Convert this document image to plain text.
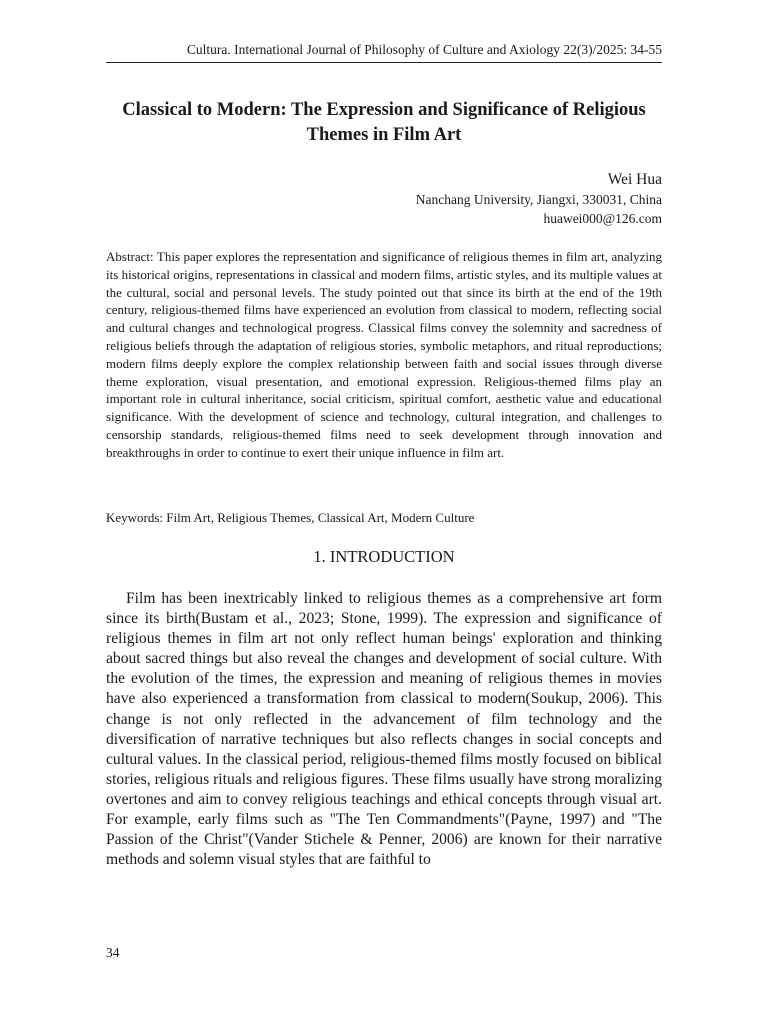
Cultura. International Journal of Philosophy of Culture and Axiology 22(3)/2025: 34-55
Classical to Modern: The Expression and Significance of Religious Themes in Film Art
Wei Hua
Nanchang University, Jiangxi, 330031, China
huawei000@126.com

Abstract: This paper explores the representation and significance of religious themes in film art, analyzing its historical origins, representations in classical and modern films, artistic styles, and its multiple values at the cultural, social and personal levels. The study pointed out that since its birth at the end of the 19th century, religious-themed films have experienced an evolution from classical to modern, reflecting social and cultural changes and technological progress. Classical films convey the solemnity and sacredness of religious beliefs through the adaptation of religious stories, symbolic metaphors, and ritual reproductions; modern films deeply explore the complex relationship between faith and social issues through diverse theme exploration, visual presentation, and emotional expression. Religious-themed films play an important role in cultural inheritance, social criticism, spiritual comfort, aesthetic value and educational significance. With the development of science and technology, cultural integration, and challenges to censorship standards, religious-themed films need to seek development through innovation and breakthroughs in order to continue to exert their unique influence in film art.

Keywords: Film Art, Religious Themes, Classical Art, Modern Culture

1. INTRODUCTION

Film has been inextricably linked to religious themes as a comprehensive art form since its birth(Bustam et al., 2023; Stone, 1999). The expression and significance of religious themes in film art not only reflect human beings' exploration and thinking about sacred things but also reveal the changes and development of social culture. With the evolution of the times, the expression and meaning of religious themes in movies have also experienced a transformation from classical to modern(Soukup, 2006). This change is not only reflected in the advancement of film technology and the diversification of narrative techniques but also reflects changes in social concepts and cultural values. In the classical period, religious-themed films mostly focused on biblical stories, religious rituals and religious figures. These films usually have strong moralizing overtones and aim to convey religious teachings and ethical concepts through visual art. For example, early films such as "The Ten Commandments"(Payne, 1997) and "The Passion of the Christ"(Vander Stichele & Penner, 2006) are known for their narrative methods and solemn visual styles that are faithful to

34
